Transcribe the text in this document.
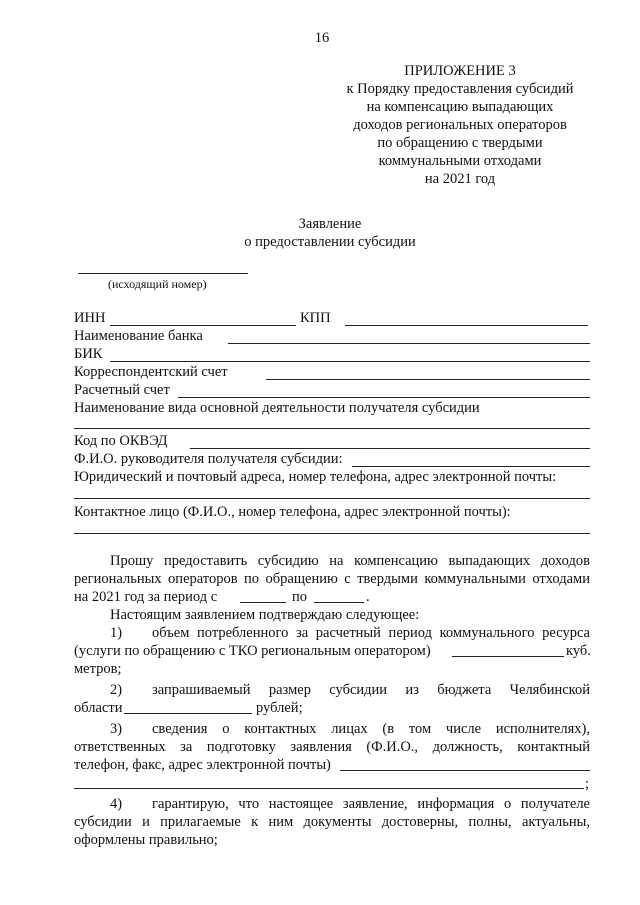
16
ПРИЛОЖЕНИЕ 3
к Порядку предоставления субсидий
на компенсацию выпадающих
доходов региональных операторов
по обращению с твердыми
коммунальными отходами
на 2021 год
Заявление
о предоставлении субсидии
(исходящий номер)
ИНН	КПП
Наименование банка
БИК
Корреспондентский счет
Расчетный счет
Наименование вида основной деятельности получателя субсидии
Код по ОКВЭД
Ф.И.О. руководителя получателя субсидии:
Юридический и почтовый адреса, номер телефона, адрес электронной почты:
Контактное лицо (Ф.И.О., номер телефона, адрес электронной почты):
Прошу предоставить субсидию на компенсацию выпадающих доходов
региональных операторов по обращению с твердыми коммунальными отходами
на 2021 год за период с	по	.
Настоящим заявлением подтверждаю следующее:
1) объем потребленного за расчетный период коммунального ресурса
(услуги по обращению с ТКО региональным оператором)	куб.
метров;
2) запрашиваемый размер субсидии из бюджета Челябинской
области	рублей;
3) сведения о контактных лицах (в том числе исполнителях),
ответственных за подготовку заявления (Ф.И.О., должность, контактный
телефон, факс, адрес электронной почты)
;
4) гарантирую, что настоящее заявление, информация о получателе
субсидии и прилагаемые к ним документы достоверны, полны, актуальны,
оформлены правильно;
